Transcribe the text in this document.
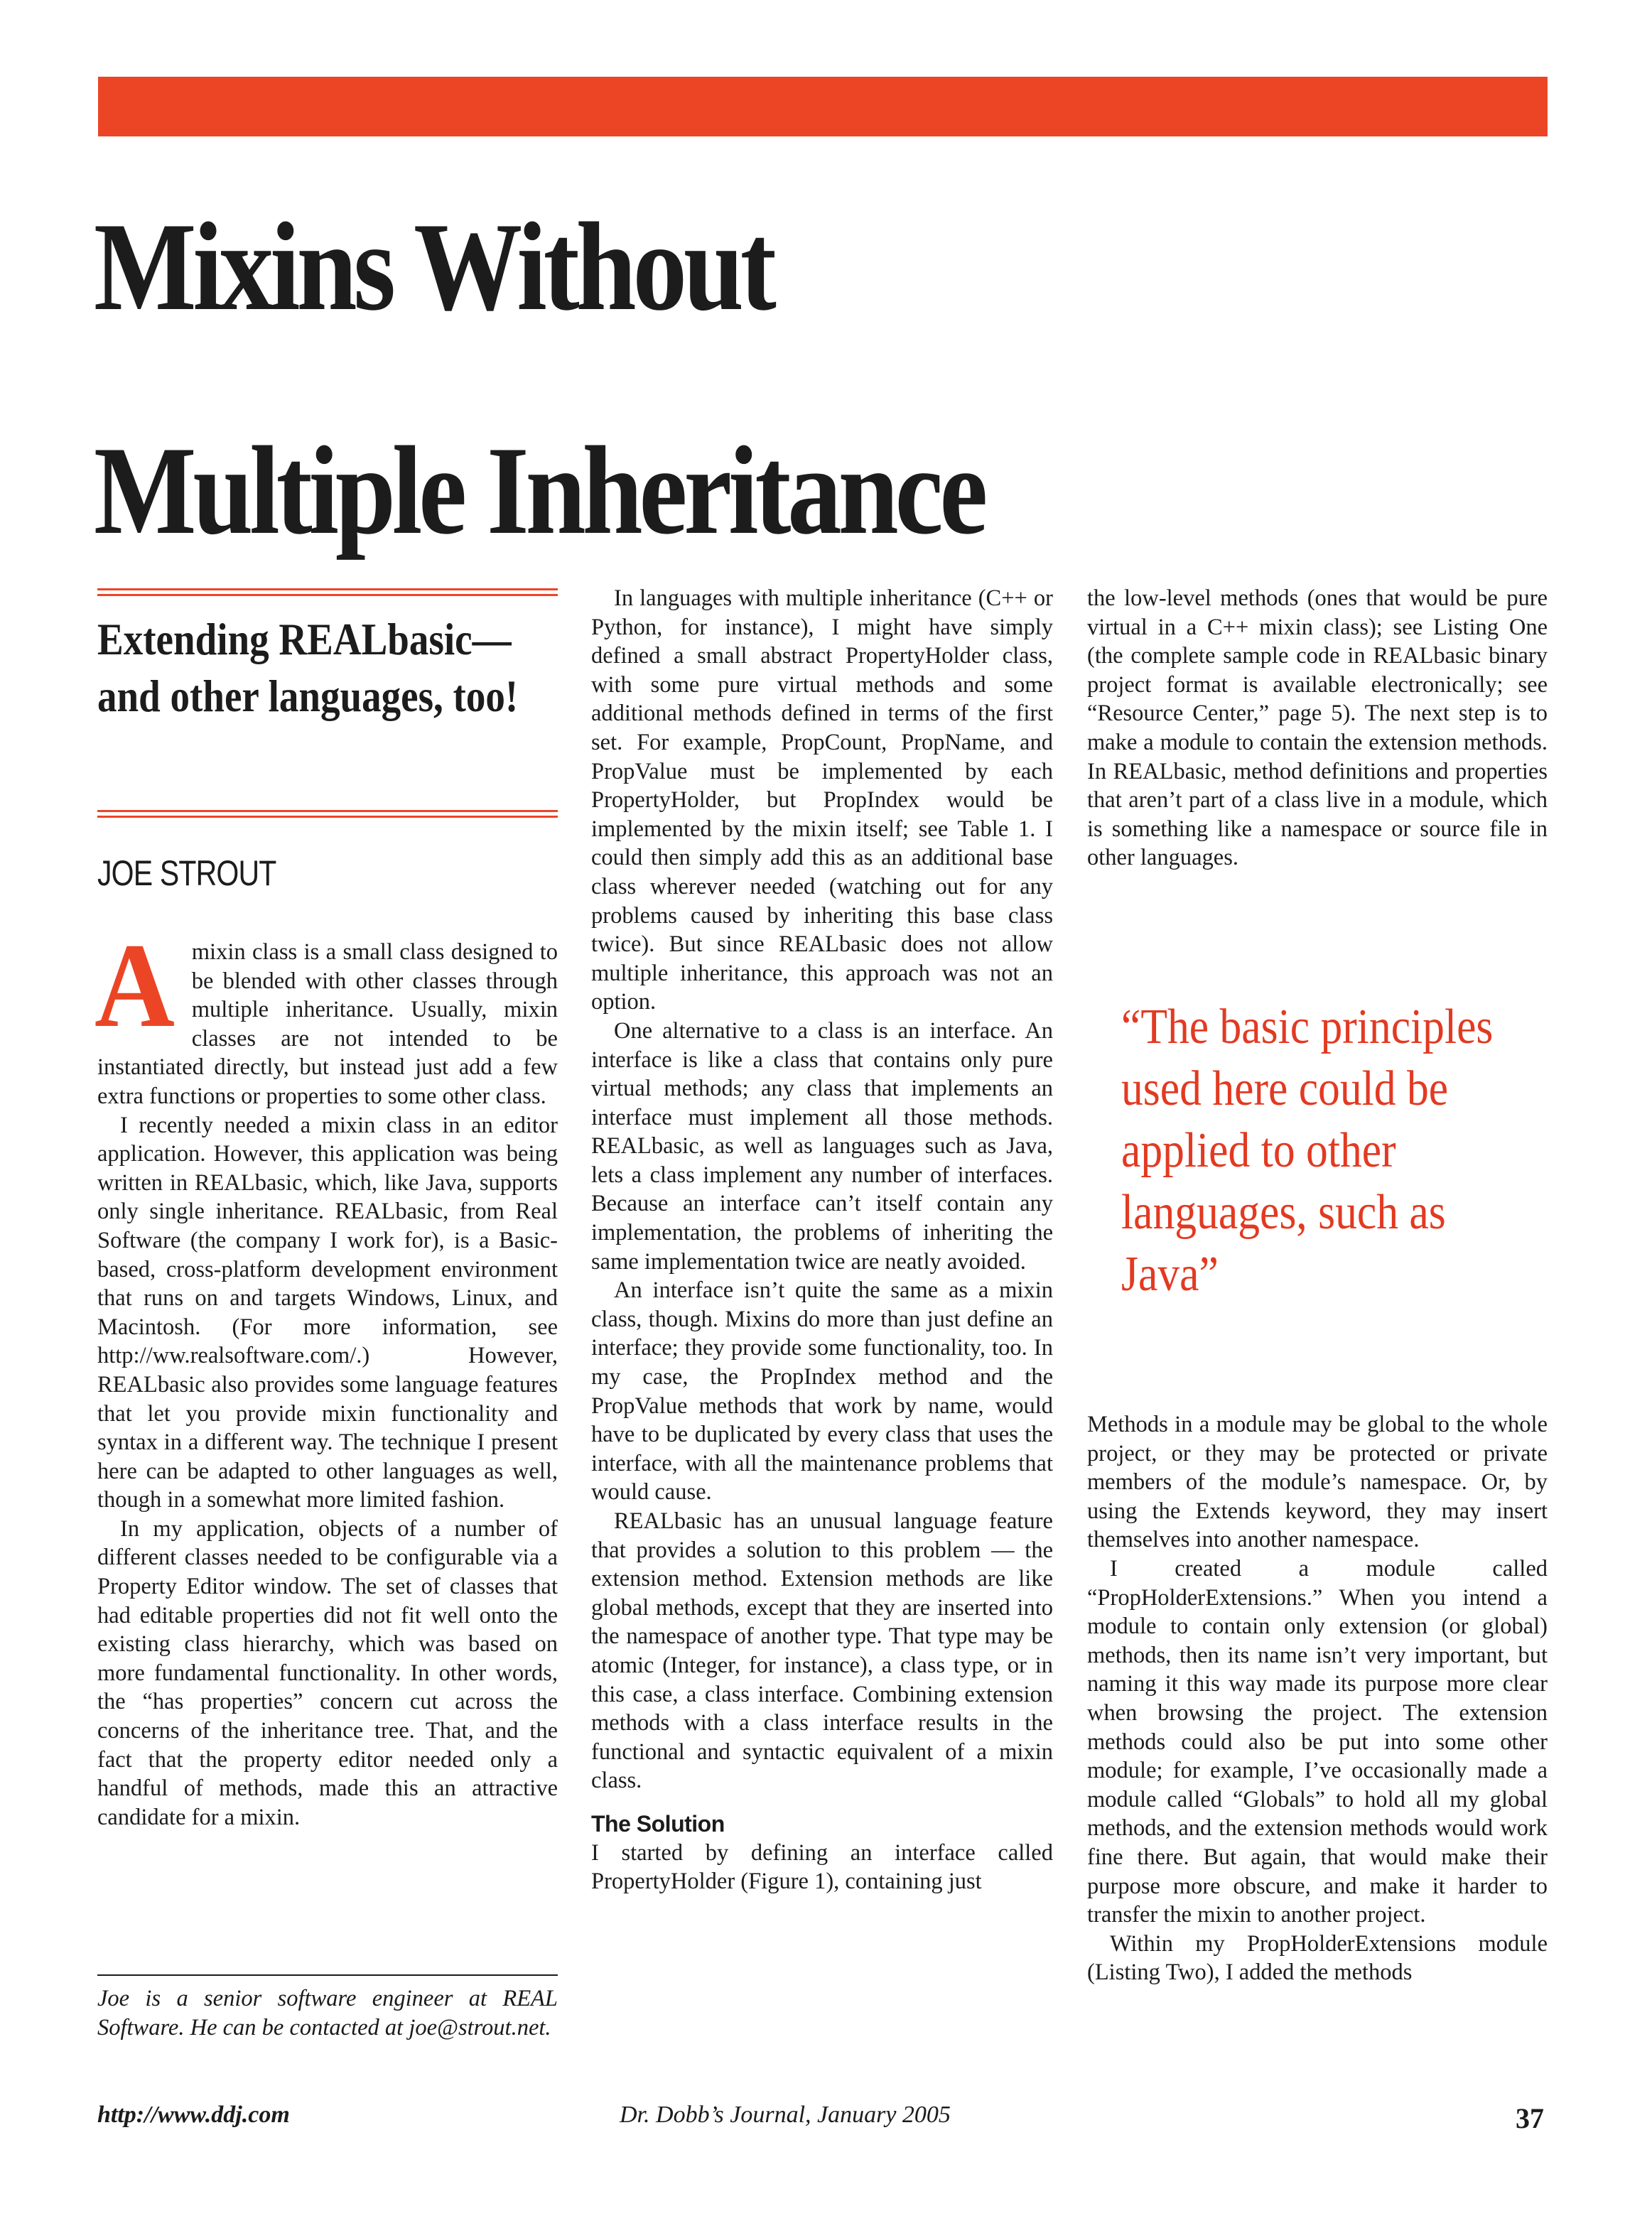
Mixins Without
Multiple Inheritance
Extending REALbasic—and other languages, too!
JOE STROUT

Amixin class is a small class designed to be blended with other classes through multiple inheritance. Usually, mixin classes are not intended to be instantiated directly, but instead just add a few extra functions or properties to some other class.

I recently needed a mixin class in an editor application. However, this application was being written in REALbasic, which, like Java, supports only single inheritance. REALbasic, from Real Software (the company I work for), is a Basic-based, cross-platform development environment that runs on and targets Windows, Linux, and Macintosh. (For more information, see http://ww.realsoftware.com/.) However, REALbasic also provides some language features that let you provide mixin functionality and syntax in a different way. The technique I present here can be adapted to other languages as well, though in a somewhat more limited fashion.

In my application, objects of a number of different classes needed to be configurable via a Property Editor window. The set of classes that had editable properties did not fit well onto the existing class hierarchy, which was based on more fundamental functionality. In other words, the “has properties” concern cut across the concerns of the inheritance tree. That, and the fact that the property editor needed only a handful of methods, made this an attractive candidate for a mixin.

Joe is a senior software engineer at REAL Software. He can be contacted at joe@strout.net.

In languages with multiple inheritance (C++ or Python, for instance), I might have simply defined a small abstract PropertyHolder class, with some pure virtual methods and some additional methods defined in terms of the first set. For example, PropCount, PropName, and PropValue must be implemented by each PropertyHolder, but PropIndex would be implemented by the mixin itself; see Table 1. I could then simply add this as an additional base class wherever needed (watching out for any problems caused by inheriting this base class twice). But since REALbasic does not allow multiple inheritance, this approach was not an option.

One alternative to a class is an interface. An interface is like a class that contains only pure virtual methods; any class that implements an interface must implement all those methods. REALbasic, as well as languages such as Java, lets a class implement any number of interfaces. Because an interface can’t itself contain any implementation, the problems of inheriting the same implementation twice are neatly avoided.

An interface isn’t quite the same as a mixin class, though. Mixins do more than just define an interface; they provide some functionality, too. In my case, the PropIndex method and the PropValue methods that work by name, would have to be duplicated by every class that uses the interface, with all the maintenance problems that would cause.

REALbasic has an unusual language feature that provides a solution to this problem — the extension method. Extension methods are like global methods, except that they are inserted into the namespace of another type. That type may be atomic (Integer, for instance), a class type, or in this case, a class interface. Combining extension methods with a class interface results in the functional and syntactic equivalent of a mixin class.

The Solution

I started by defining an interface called PropertyHolder (Figure 1), containing just

the low-level methods (ones that would be pure virtual in a C++ mixin class); see Listing One (the complete sample code in REALbasic binary project format is available electronically; see “Resource Center,” page 5). The next step is to make a module to contain the extension methods. In REALbasic, method definitions and properties that aren’t part of a class live in a module, which is something like a namespace or source file in other languages.

“The basic principles used here could be applied to other languages, such as Java”

Methods in a module may be global to the whole project, or they may be protected or private members of the module’s namespace. Or, by using the Extends keyword, they may insert themselves into another namespace.

I created a module called “PropHolderExtensions.” When you intend a module to contain only extension (or global) methods, then its name isn’t very important, but naming it this way made its purpose more clear when browsing the project. The extension methods could also be put into some other module; for example, I’ve occasionally made a module called “Globals” to hold all my global methods, and the extension methods would work fine there. But again, that would make their purpose more obscure, and make it harder to transfer the mixin to another project.

Within my PropHolderExtensions module (Listing Two), I added the methods

http://www.ddj.com	Dr. Dobb’s Journal, January 2005	37
